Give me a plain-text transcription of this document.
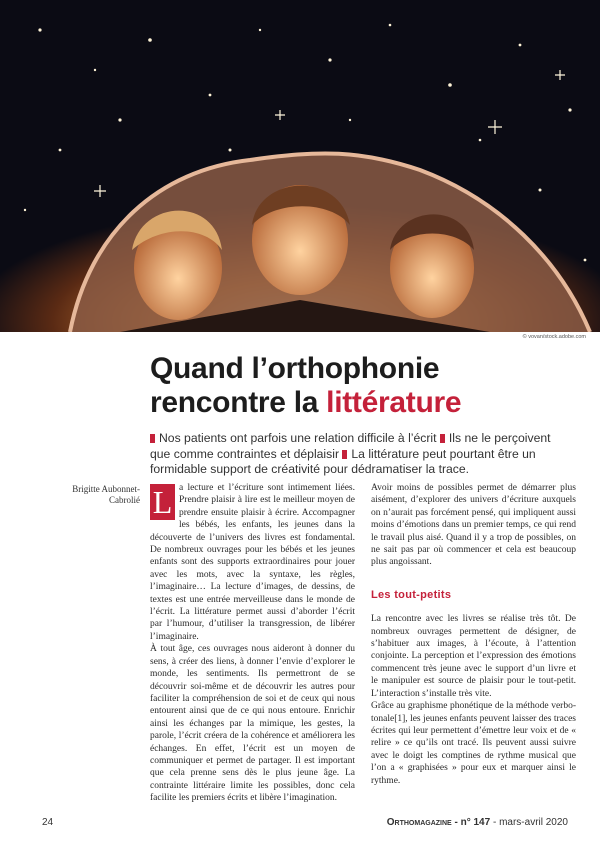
© vovan/stock.adobe.com
Quand l’orthophonie
rencontre la littérature
Nos patients ont parfois une relation difficile à l’écrit Ils ne le perçoivent que comme contraintes et déplaisir La littérature peut pourtant être un formidable support de créativité pour dédramatiser la trace.
Brigitte Aubonnet-
Cabrolié L a lecture et l’écriture sont intimement liées. Prendre plaisir à lire est le meilleur moyen de prendre ensuite plaisir à écrire. Accompagner les bébés, les enfants, les jeunes dans la découverte de l’univers des livres est fondamental. De nombreux ouvrages pour les bébés et les jeunes enfants sont des supports extraordinaires pour jouer avec les mots, avec la syntaxe, les règles, l’imaginaire… La lecture d’images, de dessins, de textes est une entrée merveilleuse dans le monde de l’écrit. La littérature permet aussi d’aborder l’écrit par l’humour, d’utiliser la transgression, de libérer l’imaginaire.

À tout âge, ces ouvrages nous aideront à donner du sens, à créer des liens, à donner l’envie d’explorer le monde, les sentiments. Ils permettront de se découvrir soi-même et de découvrir les autres pour faciliter la compréhension de soi et de ceux qui nous entourent ainsi que de ce qui nous entoure. Enrichir ainsi les échanges par la mimique, les gestes, la parole, l’écrit créera de la cohérence et améliorera les échanges. En effet, l’écrit est un moyen de communiquer et permet de partager. Il est important que cela prenne sens dès le plus jeune âge. La contrainte littéraire limite les possibles, donc cela facilite les premiers écrits et libère l’imagination.

Avoir moins de possibles permet de démarrer plus aisément, d’explorer des univers d’écriture auxquels on n’aurait pas forcément pensé, qui impliquent aussi moins d’émotions dans un premier temps, ce qui rend le travail plus aisé. Quand il y a trop de possibles, on ne sait pas par où commencer et cela est beaucoup plus angoissant.

Les tout-petits

La rencontre avec les livres se réalise très tôt. De nombreux ouvrages permettent de désigner, de s’habituer aux images, à l’écoute, à l’attention conjointe. La perception et l’expression des émotions commencent très jeune avec le support d’un livre et le manipuler est source de plaisir pour le tout-petit. L’interaction s’installe très vite.

Grâce au graphisme phonétique de la méthode verbo-tonale[1], les jeunes enfants peuvent laisser des traces écrites qui leur permettent d’émettre leur voix et de « relire » ce qu’ils ont tracé. Ils peuvent aussi suivre avec le doigt les comptines de rythme musical que l’on a « graphisées » pour eux et marquer ainsi le rythme.

24	Orthomagazine - n° 147 - mars-avril 2020
